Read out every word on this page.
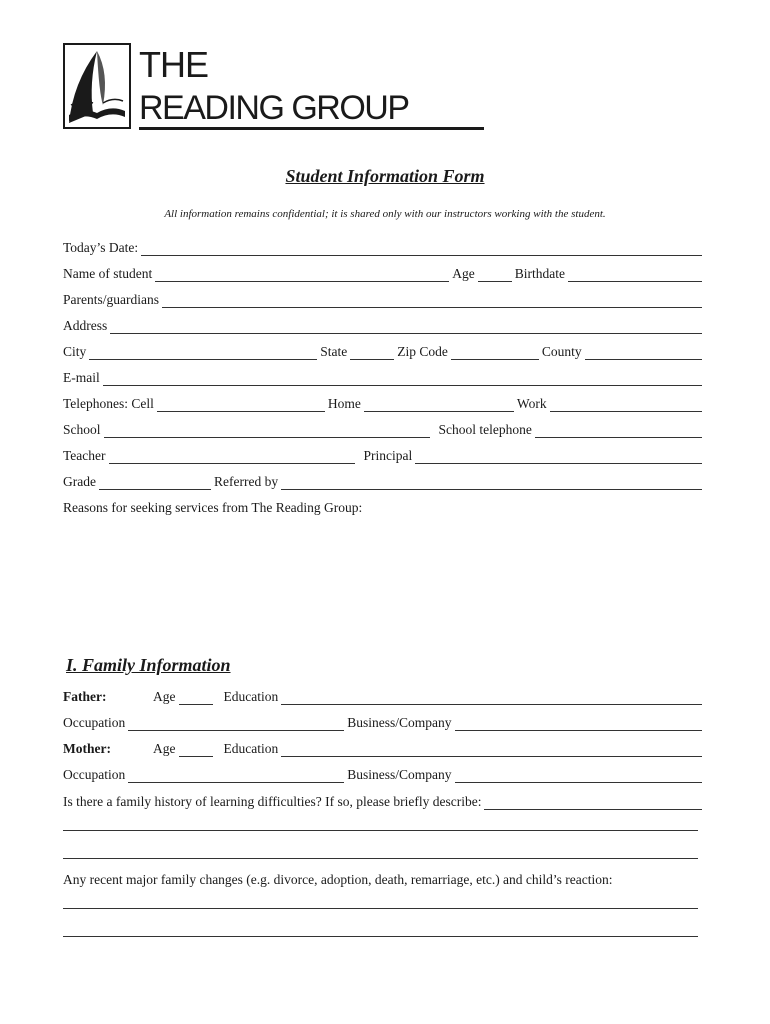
THE
READING GROUP
Student Information Form
All information remains confidential; it is shared only with our instructors working with the student.
Today’s Date:
Name of student	Age	Birthdate
Parents/guardians
Address
City	State	Zip Code	County
E-mail
Telephones: Cell	Home	Work
School	School telephone
Teacher	Principal
Grade	Referred by
Reasons for seeking services from The Reading Group:
I. Family Information
Father:	Age	Education
Occupation	Business/Company
Mother:	Age	Education
Occupation	Business/Company
Is there a family history of learning difficulties? If so, please briefly describe:
Any recent major family changes (e.g. divorce, adoption, death, remarriage, etc.) and child’s reaction:
